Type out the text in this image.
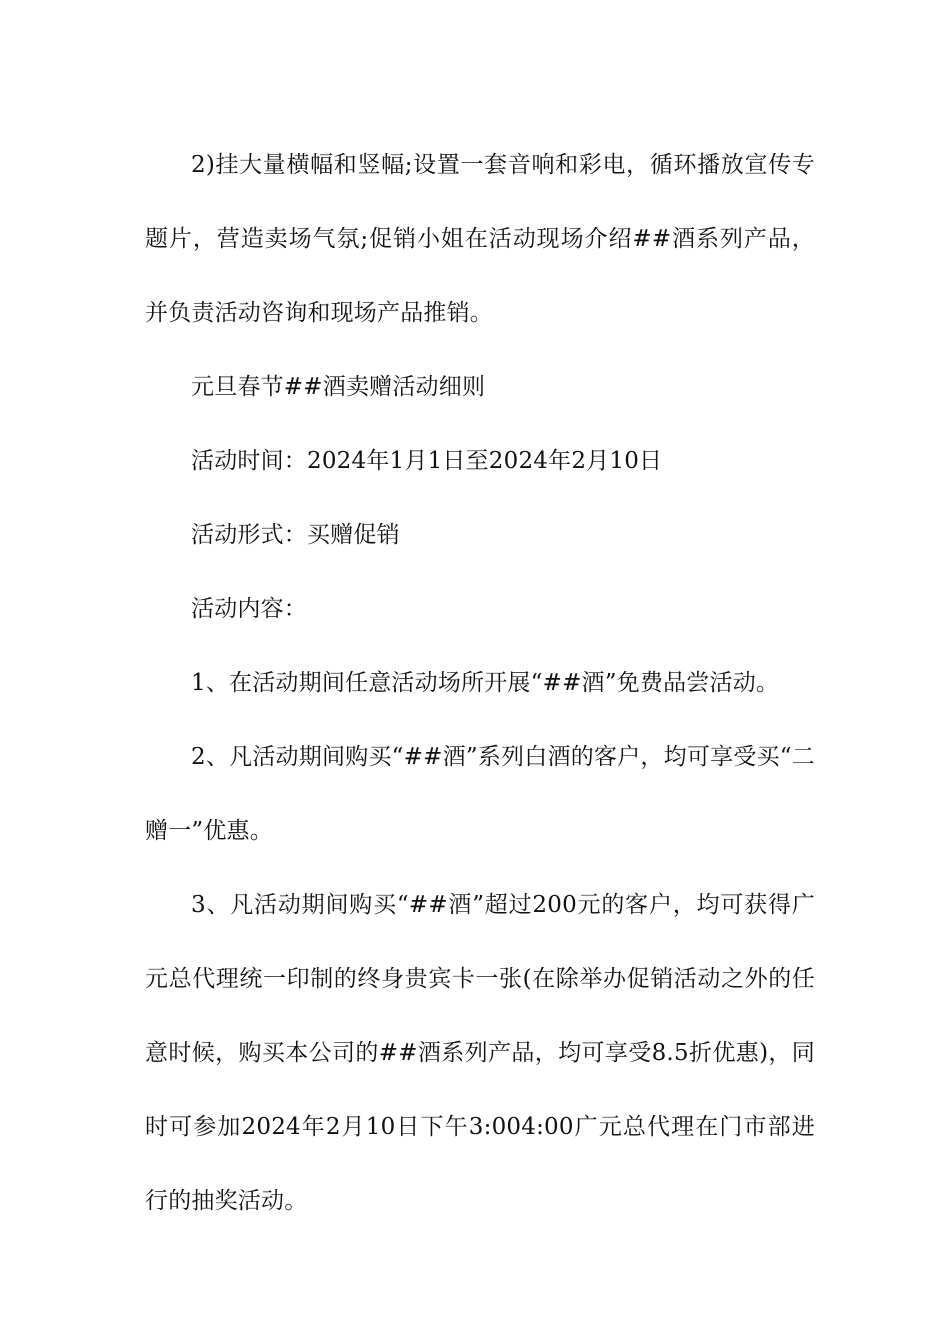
2)挂大量横幅和竖幅;设置一套音响和彩电，循环播放宣传专题片，营造卖场气氛;促销小姐在活动现场介绍##酒系列产品，并负责活动咨询和现场产品推销。

元旦春节##酒卖赠活动细则

活动时间：2024年1月1日至2024年2月10日

活动形式：买赠促销

活动内容：

1、在活动期间任意活动场所开展“##酒”免费品尝活动。

2、凡活动期间购买“##酒”系列白酒的客户，均可享受买“二赠一”优惠。

3、凡活动期间购买“##酒”超过200元的客户，均可获得广元总代理统一印制的终身贵宾卡一张(在除举办促销活动之外的任意时候，购买本公司的##酒系列产品，均可享受8.5折优惠)，同时可参加2024年2月10日下午3:004:00广元总代理在门市部进行的抽奖活动。
